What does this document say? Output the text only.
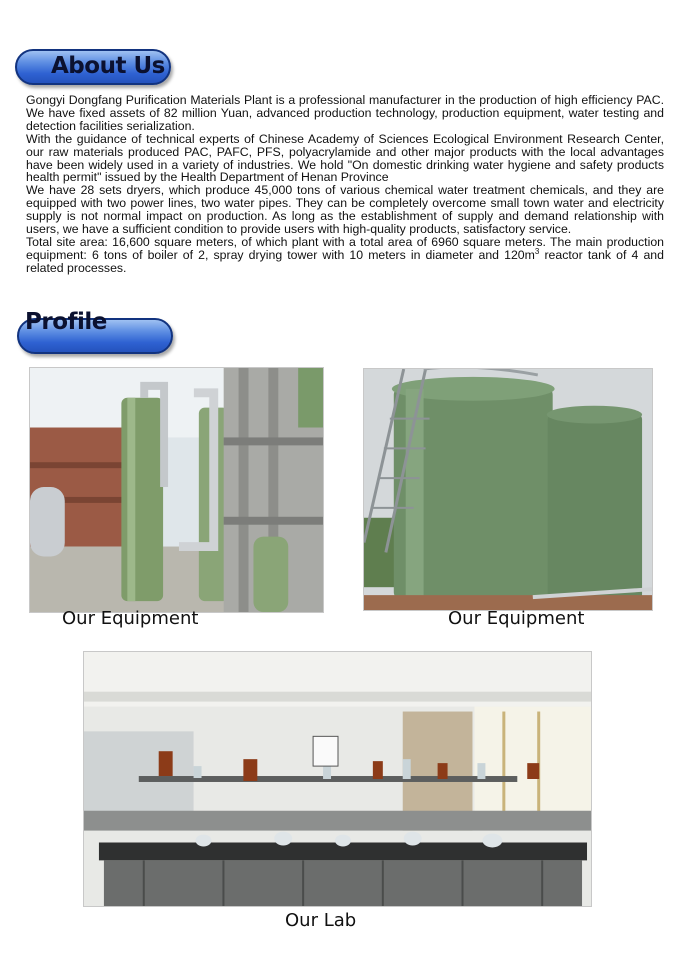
About Us

Gongyi Dongfang Purification Materials Plant is a professional manufacturer in the production of high efficiency PAC. We have fixed assets of 82 million Yuan, advanced production technology, production equipment, water testing and detection facilities serialization.

With the guidance of technical experts of Chinese Academy of Sciences Ecological Environment Research Center, our raw materials produced PAC, PAFC, PFS, polyacrylamide and other major products with the local advantages have been widely used in a variety of industries. We hold "On domestic drinking water hygiene and safety products health permit" issued by the Health Department of Henan Province

We have 28 sets dryers, which produce 45,000 tons of various chemical water treatment chemicals, and they are equipped with two power lines, two water pipes. They can be completely overcome small town water and electricity supply is not normal impact on production. As long as the establishment of supply and demand relationship with users, we have a sufficient condition to provide users with high-quality products, satisfactory service.

Total site area: 16,600 square meters, of which plant with a total area of 6960 square meters. The main production equipment: 6 tons of boiler of 2, spray drying tower with 10 meters in diameter and $120m^3$ reactor tank of 4 and related processes.

Profile
Our Equipment	Our Equipment
Our Lab
